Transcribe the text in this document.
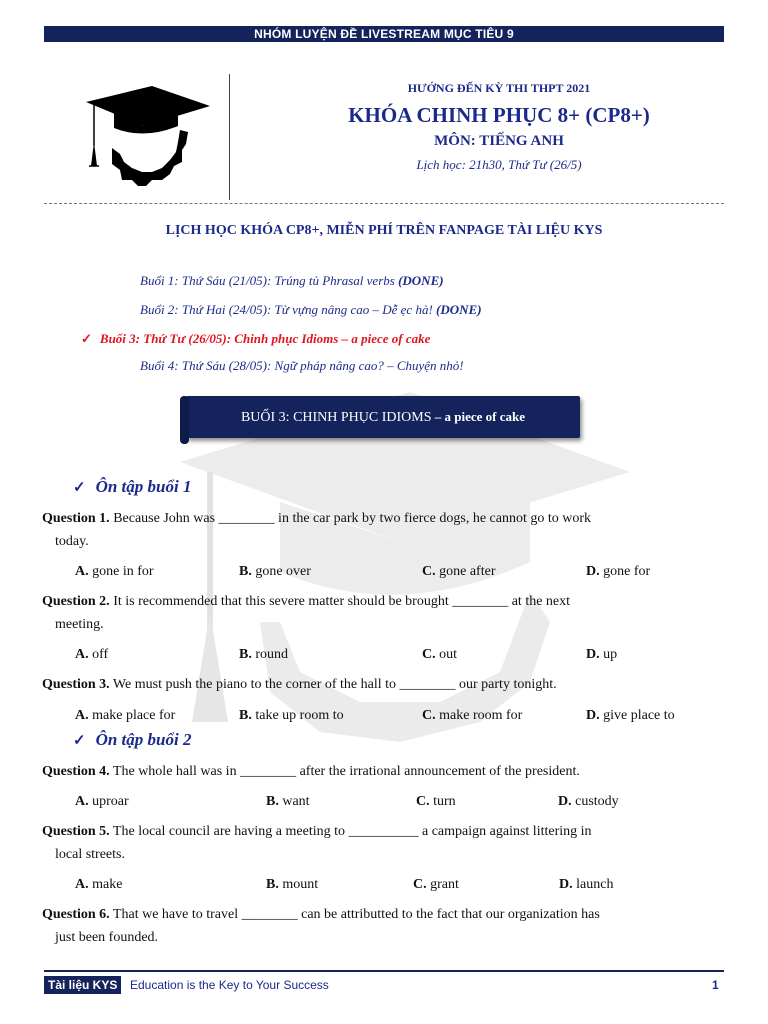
NHÓM LUYỆN ĐỀ LIVESTREAM MỤC TIÊU 9
HƯỚNG ĐẾN KỲ THI THPT 2021
KHÓA CHINH PHỤC 8+ (CP8+)
MÔN: TIẾNG ANH
Lịch học: 21h30, Thứ Tư (26/5)
LỊCH HỌC KHÓA CP8+, MIỄN PHÍ TRÊN FANPAGE TÀI LIỆU KYS
Buổi 1: Thứ Sáu (21/05): Trúng tủ Phrasal verbs (DONE)
Buổi 2: Thứ Hai (24/05): Từ vựng nâng cao – Dễ ẹc hà! (DONE)
✓ Buổi 3: Thứ Tư (26/05): Chinh phục Idioms – a piece of cake
Buổi 4: Thứ Sáu (28/05): Ngữ pháp nâng cao? – Chuyện nhỏ!
BUỔI 3: CHINH PHỤC IDIOMS – a piece of cake
✓ Ôn tập buổi 1
Question 1. Because John was ________ in the car park by two fierce dogs, he cannot go to work
today.
A. gone in for	B. gone over	C. gone after	D. gone for
Question 2. It is recommended that this severe matter should be brought ________ at the next
meeting.
A. off	B. round	C. out	D. up
Question 3. We must push the piano to the corner of the hall to ________ our party tonight.
A. make place for	B. take up room to	C. make room for	D. give place to
✓ Ôn tập buổi 2
Question 4. The whole hall was in ________ after the irrational announcement of the president.
A. uproar	B. want	C. turn	D. custody
Question 5. The local council are having a meeting to __________ a campaign against littering in
local streets.
A. make	B. mount	C. grant	D. launch
Question 6. That we have to travel ________ can be attributted to the fact that our organization has
just been founded.
Tài liệu KYS	Education is the Key to Your Success	1
